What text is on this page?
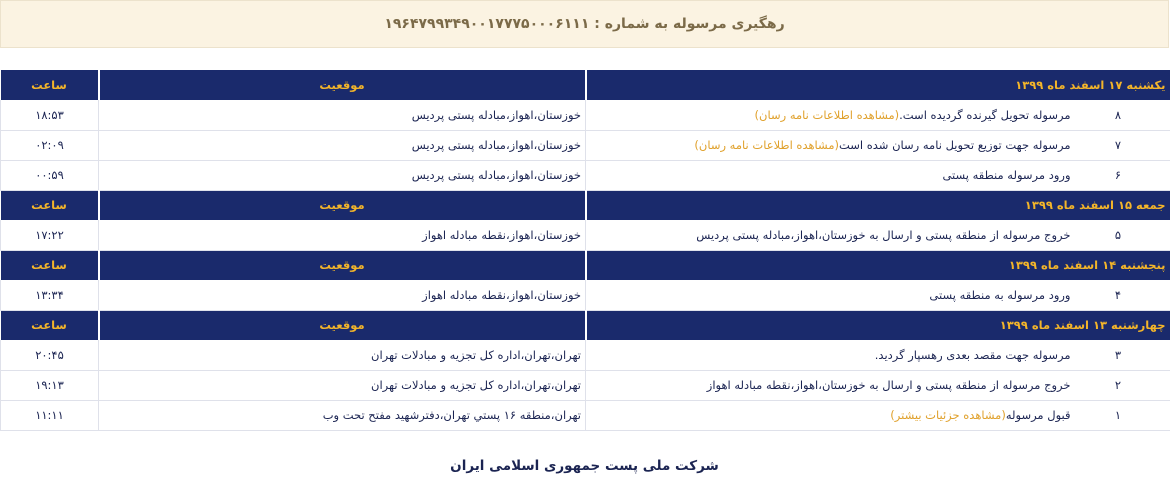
رهگیری مرسوله به شماره : ۱۹۶۴۷۹۹۳۴۹۰۰۱۷۷۷۵۰۰۰۶۱۱۱
یکشنبه ۱۷ اسفند ماه ۱۳۹۹	موقعیت	ساعت
۸مرسوله تحویل گیرنده گردیده است.(مشاهده اطلاعات نامه رسان)	خوزستان،اهواز،مبادله پستی پردیس	۱۸:۵۳
۷مرسوله جهت توزیع تحویل نامه رسان شده است(مشاهده اطلاعات نامه رسان)	خوزستان،اهواز،مبادله پستی پردیس	۰۲:۰۹
۶ورود مرسوله منطقه پستی	خوزستان،اهواز،مبادله پستی پردیس	۰۰:۵۹
جمعه ۱۵ اسفند ماه ۱۳۹۹	موقعیت	ساعت
۵خروج مرسوله از منطقه پستی و ارسال به خوزستان،اهواز،مبادله پستی پردیس	خوزستان،اهواز،نقطه مبادله اهواز	۱۷:۲۲
پنجشنبه ۱۴ اسفند ماه ۱۳۹۹	موقعیت	ساعت
۴ورود مرسوله به منطقه پستی	خوزستان،اهواز،نقطه مبادله اهواز	۱۳:۳۴
چهارشنبه ۱۳ اسفند ماه ۱۳۹۹	موقعیت	ساعت
۳مرسوله جهت مقصد بعدی رهسپار گردید.	تهران،تهران،اداره کل تجزیه و مبادلات تهران	۲۰:۴۵
۲خروج مرسوله از منطقه پستی و ارسال به خوزستان،اهواز،نقطه مبادله اهواز	تهران،تهران،اداره کل تجزیه و مبادلات تهران	۱۹:۱۳
۱قبول مرسوله(مشاهده جزئیات بیشتر)	تهران،منطقه ۱۶ پستي تهران،دفترشهید مفتح تحت وب	۱۱:۱۱
شرکت ملی پست جمهوری اسلامی ایران
